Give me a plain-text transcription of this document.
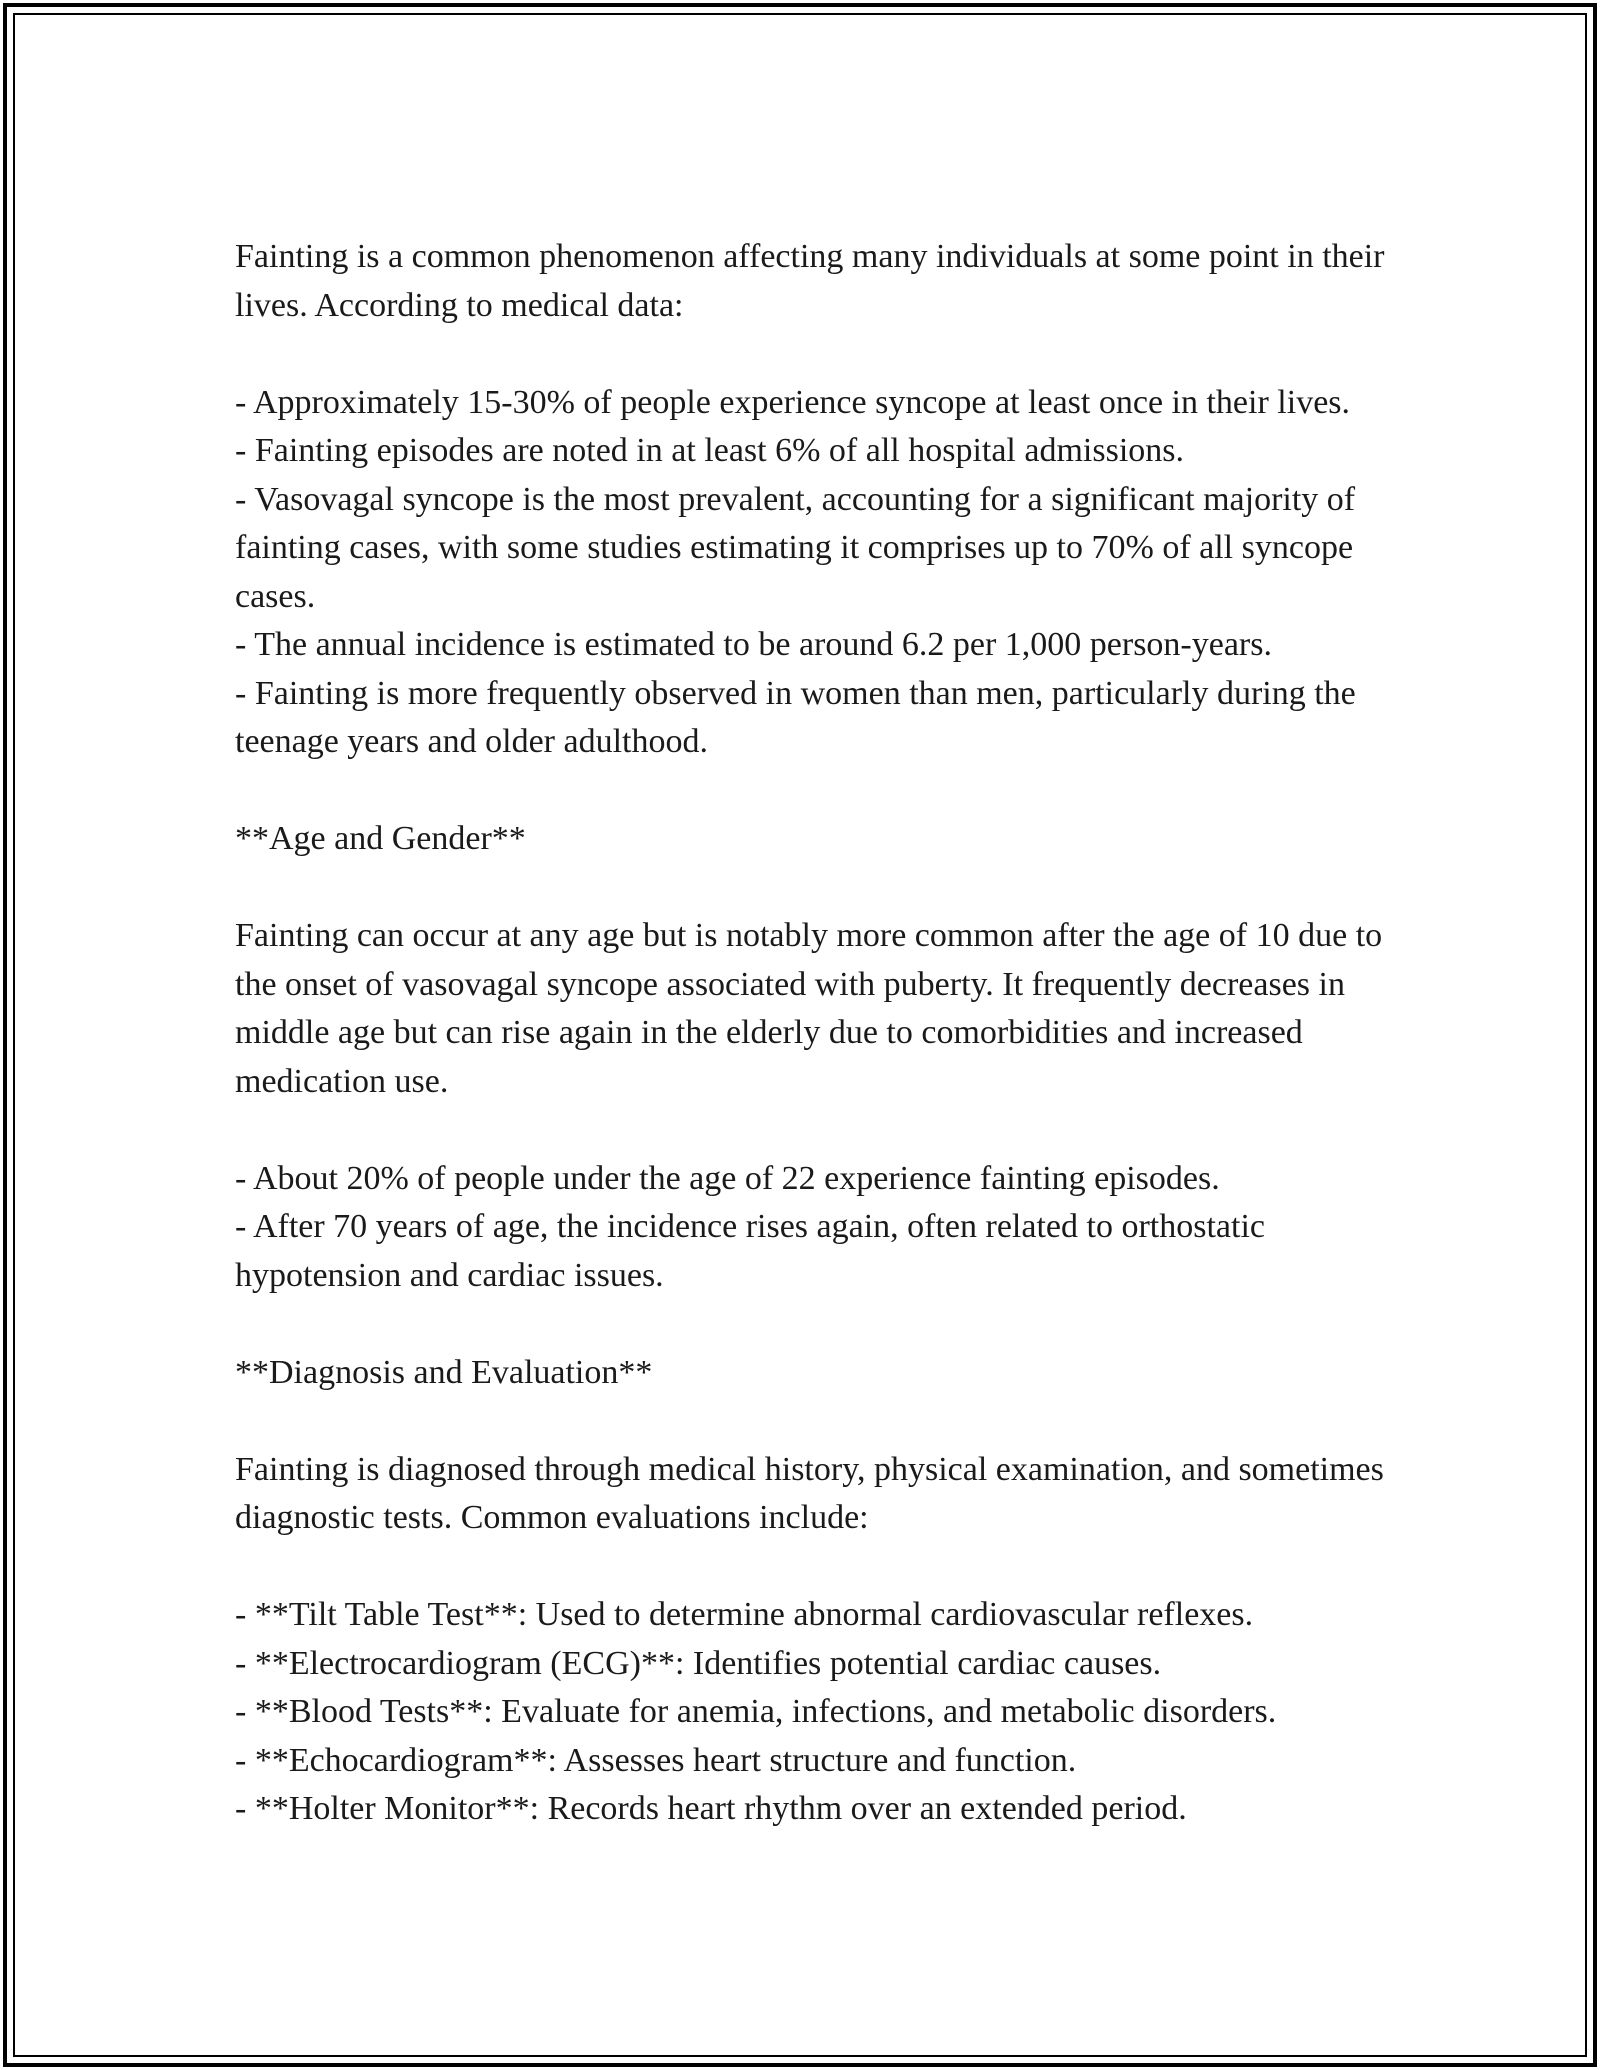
Fainting is a common phenomenon affecting many individuals at some point in their lives. According to medical data:

- Approximately 15-30% of people experience syncope at least once in their lives.

- Fainting episodes are noted in at least 6% of all hospital admissions.

- Vasovagal syncope is the most prevalent, accounting for a significant majority of fainting cases, with some studies estimating it comprises up to 70% of all syncope cases.

- The annual incidence is estimated to be around 6.2 per 1,000 person-years.

- Fainting is more frequently observed in women than men, particularly during the teenage years and older adulthood.

**Age and Gender**

Fainting can occur at any age but is notably more common after the age of 10 due to the onset of vasovagal syncope associated with puberty. It frequently decreases in middle age but can rise again in the elderly due to comorbidities and increased medication use.

- About 20% of people under the age of 22 experience fainting episodes.

- After 70 years of age, the incidence rises again, often related to orthostatic hypotension and cardiac issues.

**Diagnosis and Evaluation**

Fainting is diagnosed through medical history, physical examination, and sometimes diagnostic tests. Common evaluations include:

- **Tilt Table Test**: Used to determine abnormal cardiovascular reflexes.

- **Electrocardiogram (ECG)**: Identifies potential cardiac causes.

- **Blood Tests**: Evaluate for anemia, infections, and metabolic disorders.

- **Echocardiogram**: Assesses heart structure and function.

- **Holter Monitor**: Records heart rhythm over an extended period.
